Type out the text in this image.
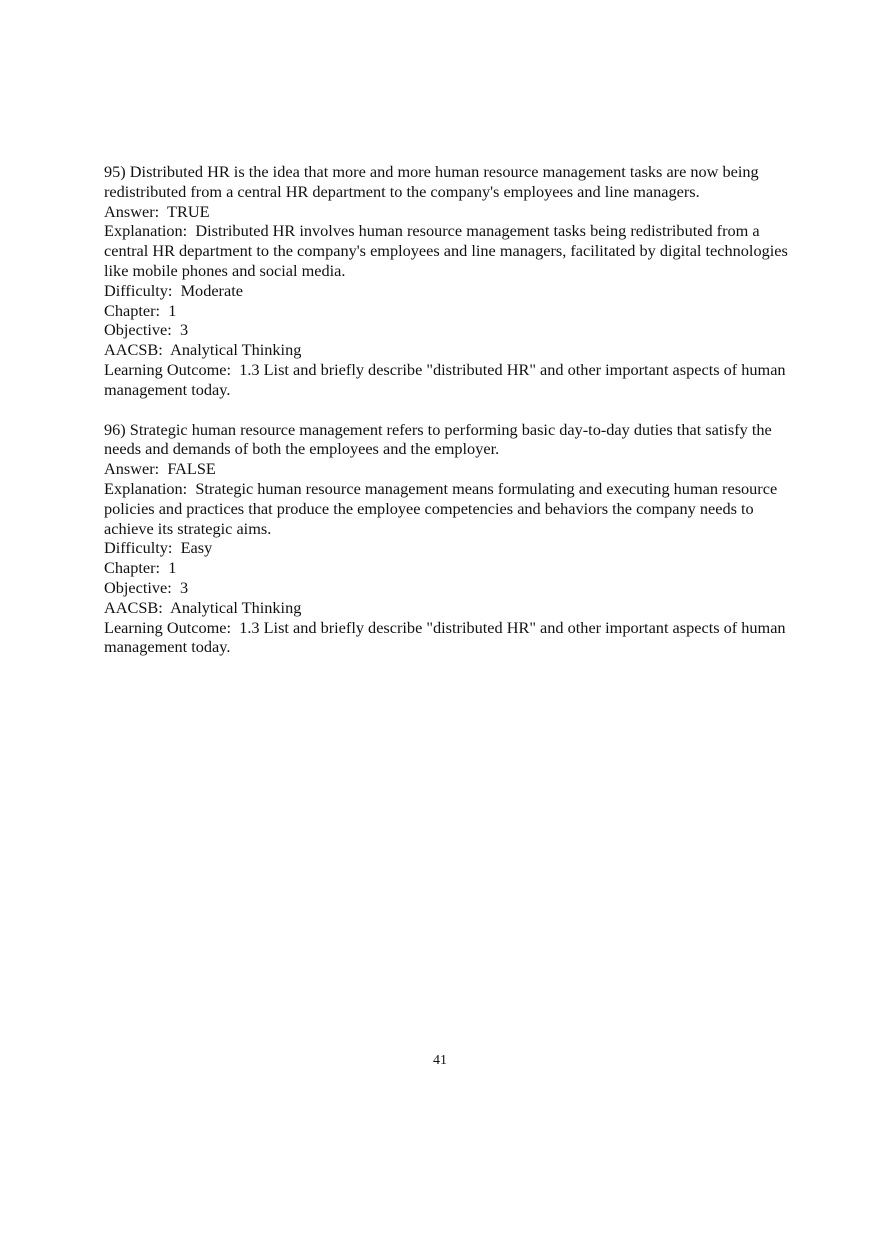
95) Distributed HR is the idea that more and more human resource management tasks are now being redistributed from a central HR department to the company's employees and line managers.
Answer: TRUE
Explanation: Distributed HR involves human resource management tasks being redistributed from a central HR department to the company's employees and line managers, facilitated by digital technologies like mobile phones and social media.
Difficulty: Moderate
Chapter: 1
Objective: 3
AACSB: Analytical Thinking
Learning Outcome: 1.3 List and briefly describe "distributed HR" and other important aspects of human management today.
96) Strategic human resource management refers to performing basic day-to-day duties that satisfy the needs and demands of both the employees and the employer.
Answer: FALSE
Explanation: Strategic human resource management means formulating and executing human resource policies and practices that produce the employee competencies and behaviors the company needs to achieve its strategic aims.
Difficulty: Easy
Chapter: 1
Objective: 3
AACSB: Analytical Thinking
Learning Outcome: 1.3 List and briefly describe "distributed HR" and other important aspects of human management today.
41
